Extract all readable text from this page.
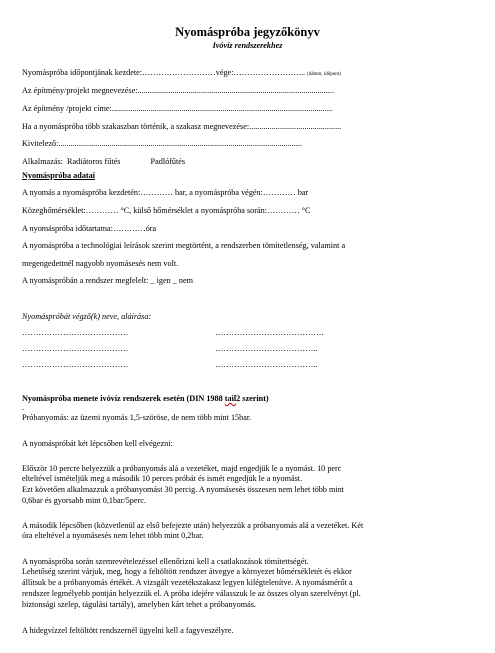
Nyomáspróba jegyzőkönyv
Ivóvíz rendszerekhez
Nyomáspróba időpontjának kezdete:………………………vége:……………………... (dátum, időpont)
Az építmény/projekt megnevezése:................................................................................................
Az építmény /projekt címe:............................................................................................................
Ha a nyomáspróba több szakaszban történik, a szakasz megnevezése:.............................................
Kivitelező:.......................................................................................................................
Alkalmazás: Radiátoros fűtés	Padlófűtés
Nyomáspróba adatai
A nyomás a nyomáspróba kezdetén:………… bar, a nyomáspróba végén:………… bar
Közeghőmérséklet:………… °C, külső hőmérséklet a nyomáspróba során:………… °C
A nyomáspróba időtartama:…………óra
A nyomáspróba a technológiai leírások szerint megtörtént, a rendszerben tömítetlenség, valamint a
megengedettnél nagyobb nyomásesés nem volt.
A nyomáspróbán a rendszer megfelelt: _ igen _ nem
Nyomáspróbát végző(k) neve, aláírása:
…………………………………	………………………………….
…………………………………	………………………………..
…………………………………	………………………………..
Nyomáspróba menete ivóvíz rendszerek esetén (DIN 1988 tail2 szerint)
.
Próbanyomás: az üzemi nyomás 1,5-szöröse, de nem több mint 15bar.
A nyomáspróbát két lépcsőben kell elvégezni:
Először 10 percre helyezzük a próbanyomás alá a vezetéket, majd engedjük le a nyomást. 10 perc
elteltével ismételjük meg a második 10 perces próbát és ismét engedjük le a nyomást.
Ezt követően alkalmazzuk a próbanyomást 30 percig. A nyomásesés összesen nem lehet több mint
0,6bar és gyorsabb mint 0,1bar/5perc.
A második lépcsőben (közvetlenül az első befejezte után) helyezzük a próbanyomás alá a vezetéket. Két
óra elteltével a nyomásesés nem lehet több mint 0,2bar.
A nyomáspróba során szemrevételezéssel ellenőrizni kell a csatlakozások tömítettségét.
Lehetőség szerint várjuk, meg, hogy a feltöltött rendszer átvegye a környezet hőmérsékletét és ekkor
állítsuk be a próbanyomás értékét. A vizsgált vezetékszakasz legyen kilégtelenítve. A nyomásmérőt a
rendszer legmélyebb pontján helyezzük el. A próba idejére válasszuk le az összes olyan szerelvényt (pl.
biztonsági szelep, tágulási tartály), amelyben kárt tehet a próbanyomás.
A hidegvízzel feltöltött rendszernél ügyelni kell a fagyveszélyre.
